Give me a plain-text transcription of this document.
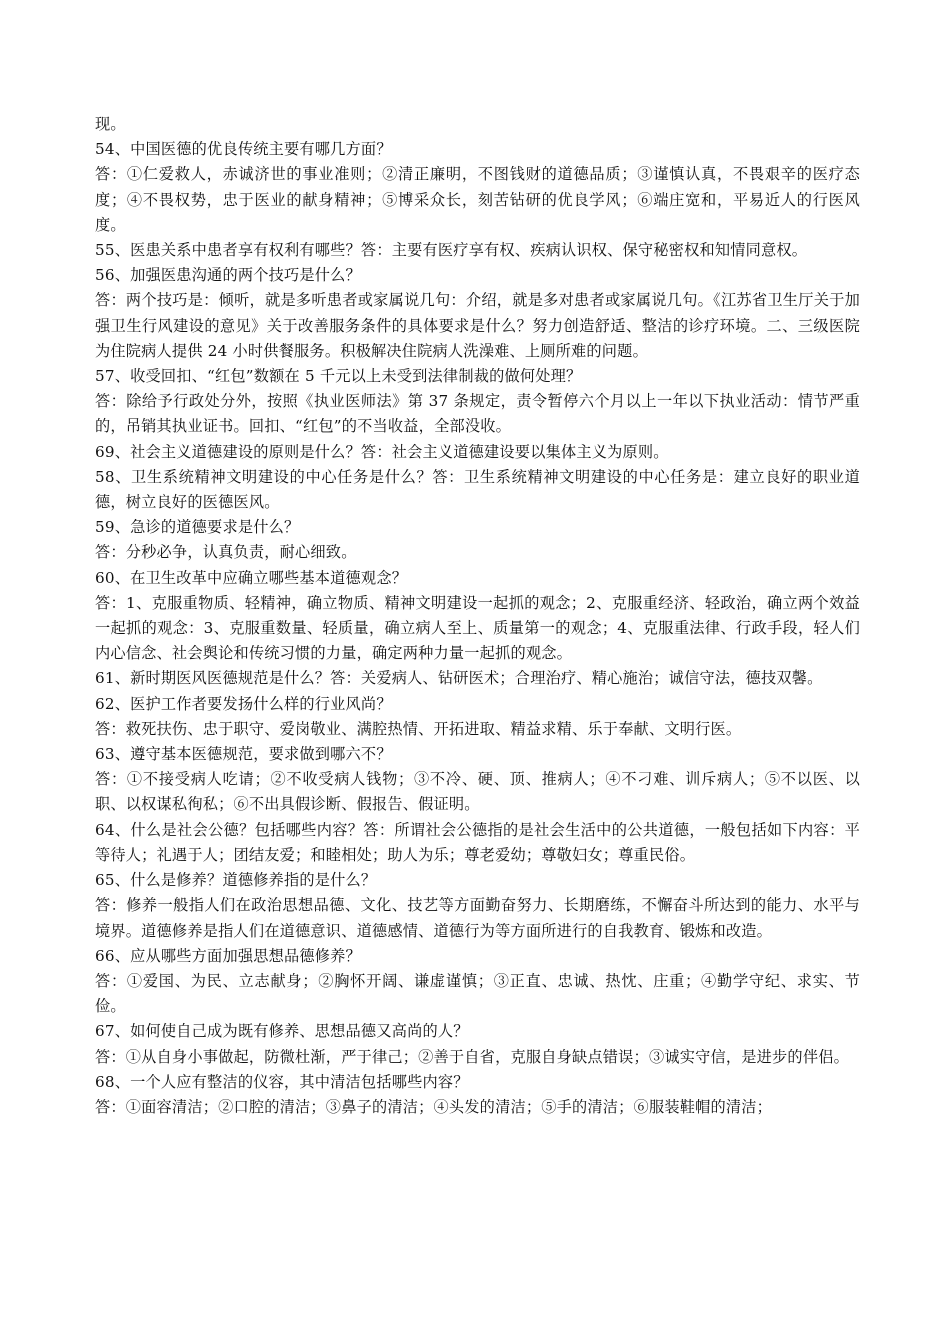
现。

54、中国医德的优良传统主要有哪几方面？

答：①仁爱救人，赤诚济世的事业准则；②清正廉明，不图钱财的道德品质；③谨慎认真，不畏艰辛的医疗态度；④不畏权势，忠于医业的献身精神；⑤博采众长，刻苦钻研的优良学风；⑥端庄宽和，平易近人的行医风度。

55、医患关系中患者享有权利有哪些？答：主要有医疗享有权、疾病认识权、保守秘密权和知情同意权。

56、加强医患沟通的两个技巧是什么？

答：两个技巧是：倾听，就是多听患者或家属说几句：介绍，就是多对患者或家属说几句。《江苏省卫生厅关于加强卫生行风建设的意见》关于改善服务条件的具体要求是什么？努力创造舒适、整洁的诊疗环境。二、三级医院为住院病人提供 24 小时供餐服务。积极解决住院病人洗澡难、上厕所难的问题。

57、收受回扣、“红包”数额在 5 千元以上未受到法律制裁的做何处理？

答：除给予行政处分外，按照《执业医师法》第 37 条规定，责令暂停六个月以上一年以下执业活动：情节严重的，吊销其执业证书。回扣、“红包”的不当收益，全部没收。

69、社会主义道德建设的原则是什么？答：社会主义道德建设要以集体主义为原则。

58、卫生系统精神文明建设的中心任务是什么？答：卫生系统精神文明建设的中心任务是：建立良好的职业道德，树立良好的医德医风。

59、急诊的道德要求是什么？

答：分秒必争，认真负责，耐心细致。

60、在卫生改革中应确立哪些基本道德观念？

答：1、克服重物质、轻精神，确立物质、精神文明建设一起抓的观念；2、克服重经济、轻政治，确立两个效益一起抓的观念：3、克服重数量、轻质量，确立病人至上、质量第一的观念；4、克服重法律、行政手段，轻人们内心信念、社会舆论和传统习惯的力量，确定两种力量一起抓的观念。

61、新时期医风医德规范是什么？答：关爱病人、钻研医术；合理治疗、精心施治；诚信守法，德技双馨。

62、医护工作者要发扬什么样的行业风尚？

答：救死扶伤、忠于职守、爱岗敬业、满腔热情、开拓进取、精益求精、乐于奉献、文明行医。

63、遵守基本医德规范，要求做到哪六不？

答：①不接受病人吃请；②不收受病人钱物；③不冷、硬、顶、推病人；④不刁难、训斥病人；⑤不以医、以职、以权谋私徇私；⑥不出具假诊断、假报告、假证明。

64、什么是社会公德？包括哪些内容？答：所谓社会公德指的是社会生活中的公共道德，一般包括如下内容：平等待人；礼遇于人；团结友爱；和睦相处；助人为乐；尊老爱幼；尊敬妇女；尊重民俗。

65、什么是修养？道德修养指的是什么？

答：修养一般指人们在政治思想品德、文化、技艺等方面勤奋努力、长期磨练，不懈奋斗所达到的能力、水平与境界。道德修养是指人们在道德意识、道德感情、道德行为等方面所进行的自我教育、锻炼和改造。

66、应从哪些方面加强思想品德修养？

答：①爱国、为民、立志献身；②胸怀开阔、谦虚谨慎；③正直、忠诚、热忱、庄重；④勤学守纪、求实、节俭。

67、如何使自己成为既有修养、思想品德又高尚的人？

答：①从自身小事做起，防微杜渐，严于律己；②善于自省，克服自身缺点错误；③诚实守信，是进步的伴侣。

68、一个人应有整洁的仪容，其中清洁包括哪些内容？

答：①面容清洁；②口腔的清洁；③鼻子的清洁；④头发的清洁；⑤手的清洁；⑥服装鞋帽的清洁；
